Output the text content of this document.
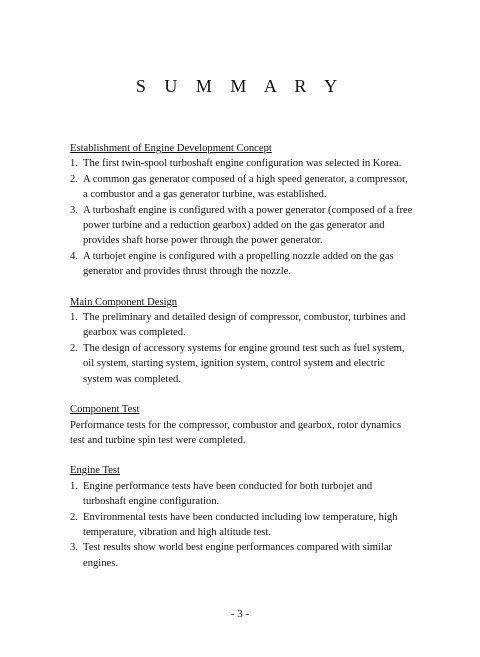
S U M M A R Y

Establishment of Engine Development Concept

1. The first twin-spool turboshaft engine configuration was selected in Korea.
2. A common gas generator composed of a high speed generator, a compressor, a combustor and a gas generator turbine, was established.
3. A turboshaft engine is configured with a power generator (composed of a free power turbine and a reduction gearbox) added on the gas generator and provides shaft horse power through the power generator.
4. A turbojet engine is configured with a propelling nozzle added on the gas generator and provides thrust through the nozzle.

Main Component Design

1. The preliminary and detailed design of compressor, combustor, turbines and gearbox was completed.
2. The design of accessory systems for engine ground test such as fuel system, oil system, starting system, ignition system, control system and electric system was completed.

Component Test

Performance tests for the compressor, combustor and gearbox, rotor dynamics test and turbine spin test were completed.

Engine Test

1. Engine performance tests have been conducted for both turbojet and turboshaft engine configuration.
2. Environmental tests have been conducted including low temperature, high temperature, vibration and high altitude test.
3. Test results show world best engine performances compared with similar engines.
- 3 -
